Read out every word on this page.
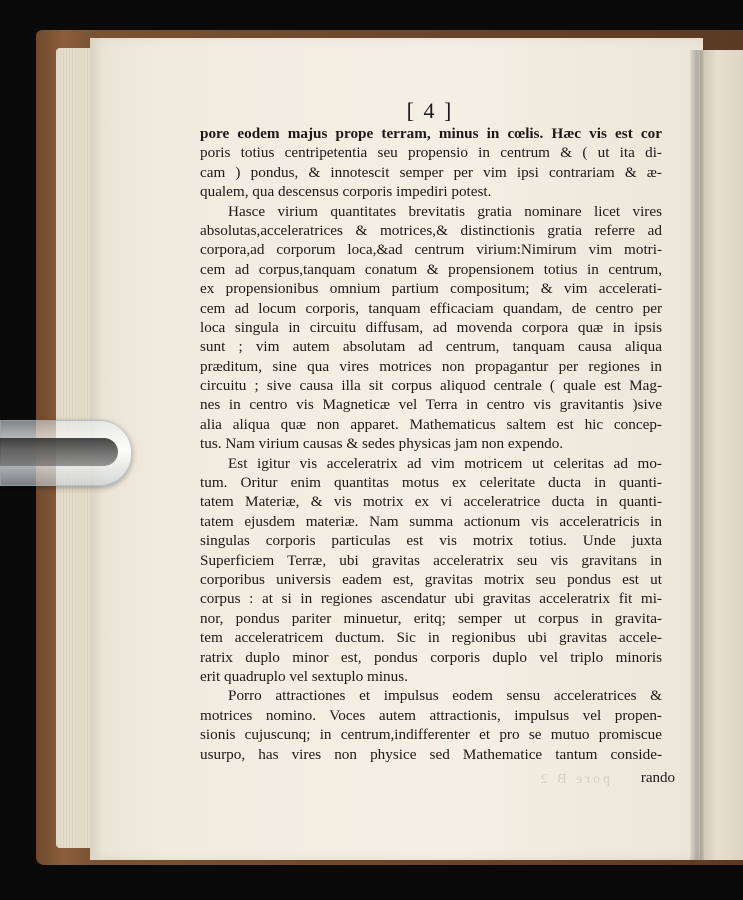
[ 4 ]
pore eodem majus prope terram, minus in cœlis. Hæc vis est cor
poris totius centripetentia seu propensio in centrum & ( ut ita di-
cam ) pondus, & innotescit semper per vim ipsi contrariam & æ-
qualem, qua descensus corporis impediri potest.
Hasce virium quantitates brevitatis gratia nominare licet vires
absolutas,acceleratrices & motrices,& distinctionis gratia referre ad
corpora,ad corporum loca,&ad centrum virium:Nimirum vim motri-
cem ad corpus,tanquam conatum & propensionem totius in centrum,
ex propensionibus omnium partium compositum; & vim accelerati-
cem ad locum corporis, tanquam efficaciam quandam, de centro per
loca singula in circuitu diffusam, ad movenda corpora quæ in ipsis
sunt ; vim autem absolutam ad centrum, tanquam causa aliqua
præditum, sine qua vires motrices non propagantur per regiones in
circuitu ; sive causa illa sit corpus aliquod centrale ( quale est Mag-
nes in centro vis Magneticæ vel Terra in centro vis gravitantis )sive
alia aliqua quæ non apparet. Mathematicus saltem est hic concep-
tus. Nam virium causas & sedes physicas jam non expendo.
Est igitur vis acceleratrix ad vim motricem ut celeritas ad mo-
tum. Oritur enim quantitas motus ex celeritate ducta in quanti-
tatem Materiæ, & vis motrix ex vi acceleratrice ducta in quanti-
tatem ejusdem materiæ. Nam summa actionum vis acceleratricis in
singulas corporis particulas est vis motrix totius. Unde juxta
Superficiem Terræ, ubi gravitas acceleratrix seu vis gravitans in
corporibus universis eadem est, gravitas motrix seu pondus est ut
corpus : at si in regiones ascendatur ubi gravitas acceleratrix fit mi-
nor, pondus pariter minuetur, eritq; semper ut corpus in gravita-
tem acceleratricem ductum. Sic in regionibus ubi gravitas accele-
ratrix duplo minor est, pondus corporis duplo vel triplo minoris
erit quadruplo vel sextuplo minus.
Porro attractiones et impulsus eodem sensu acceleratrices &
motrices nomino. Voces autem attractionis, impulsus vel propen-
sionis cujuscunq; in centrum,indifferenter et pro se mutuo promiscue
usurpo, has vires non physice sed Mathematice tantum conside-
pore B 2	rando
